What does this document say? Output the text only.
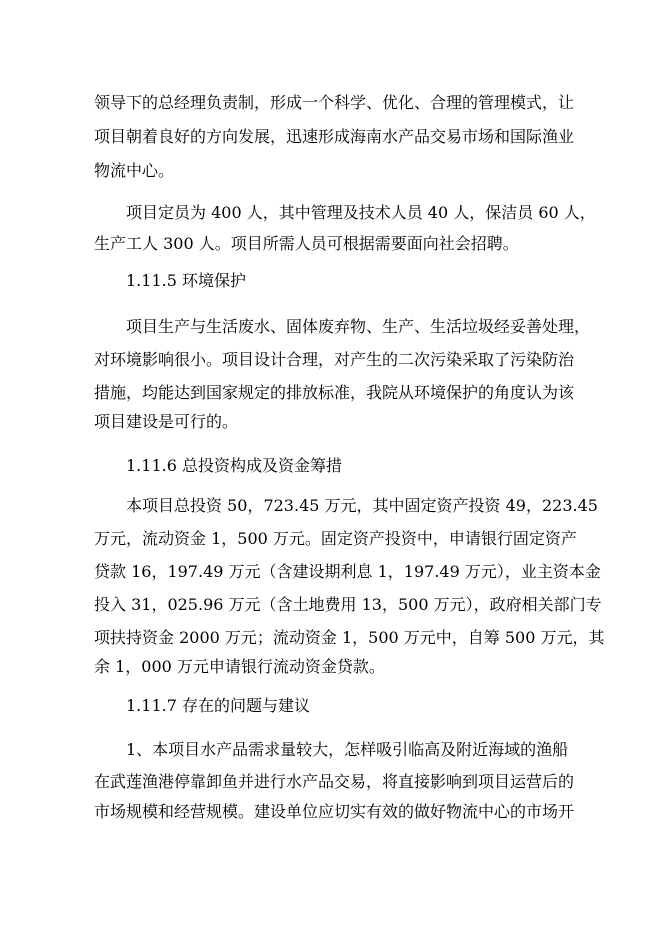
领导下的总经理负责制，形成一个科学、优化、合理的管理模式，让
项目朝着良好的方向发展，迅速形成海南水产品交易市场和国际渔业
物流中心。
项目定员为 400 人，其中管理及技术人员 40 人，保洁员 60 人，
生产工人 300 人。项目所需人员可根据需要面向社会招聘。
1.11.5 环境保护
项目生产与生活废水、固体废弃物、生产、生活垃圾经妥善处理，
对环境影响很小。项目设计合理，对产生的二次污染采取了污染防治
措施，均能达到国家规定的排放标准，我院从环境保护的角度认为该
项目建设是可行的。
1.11.6 总投资构成及资金筹措
本项目总投资 50，723.45 万元，其中固定资产投资 49，223.45
万元，流动资金 1，500 万元。固定资产投资中，申请银行固定资产
贷款 16，197.49 万元（含建设期利息 1，197.49 万元），业主资本金
投入 31，025.96 万元（含土地费用 13，500 万元），政府相关部门专
项扶持资金 2000 万元；流动资金 1，500 万元中，自筹 500 万元，其
余 1，000 万元申请银行流动资金贷款。
1.11.7 存在的问题与建议
1、本项目水产品需求量较大，怎样吸引临高及附近海域的渔船
在武莲渔港停靠卸鱼并进行水产品交易，将直接影响到项目运营后的
市场规模和经营规模。建设单位应切实有效的做好物流中心的市场开
